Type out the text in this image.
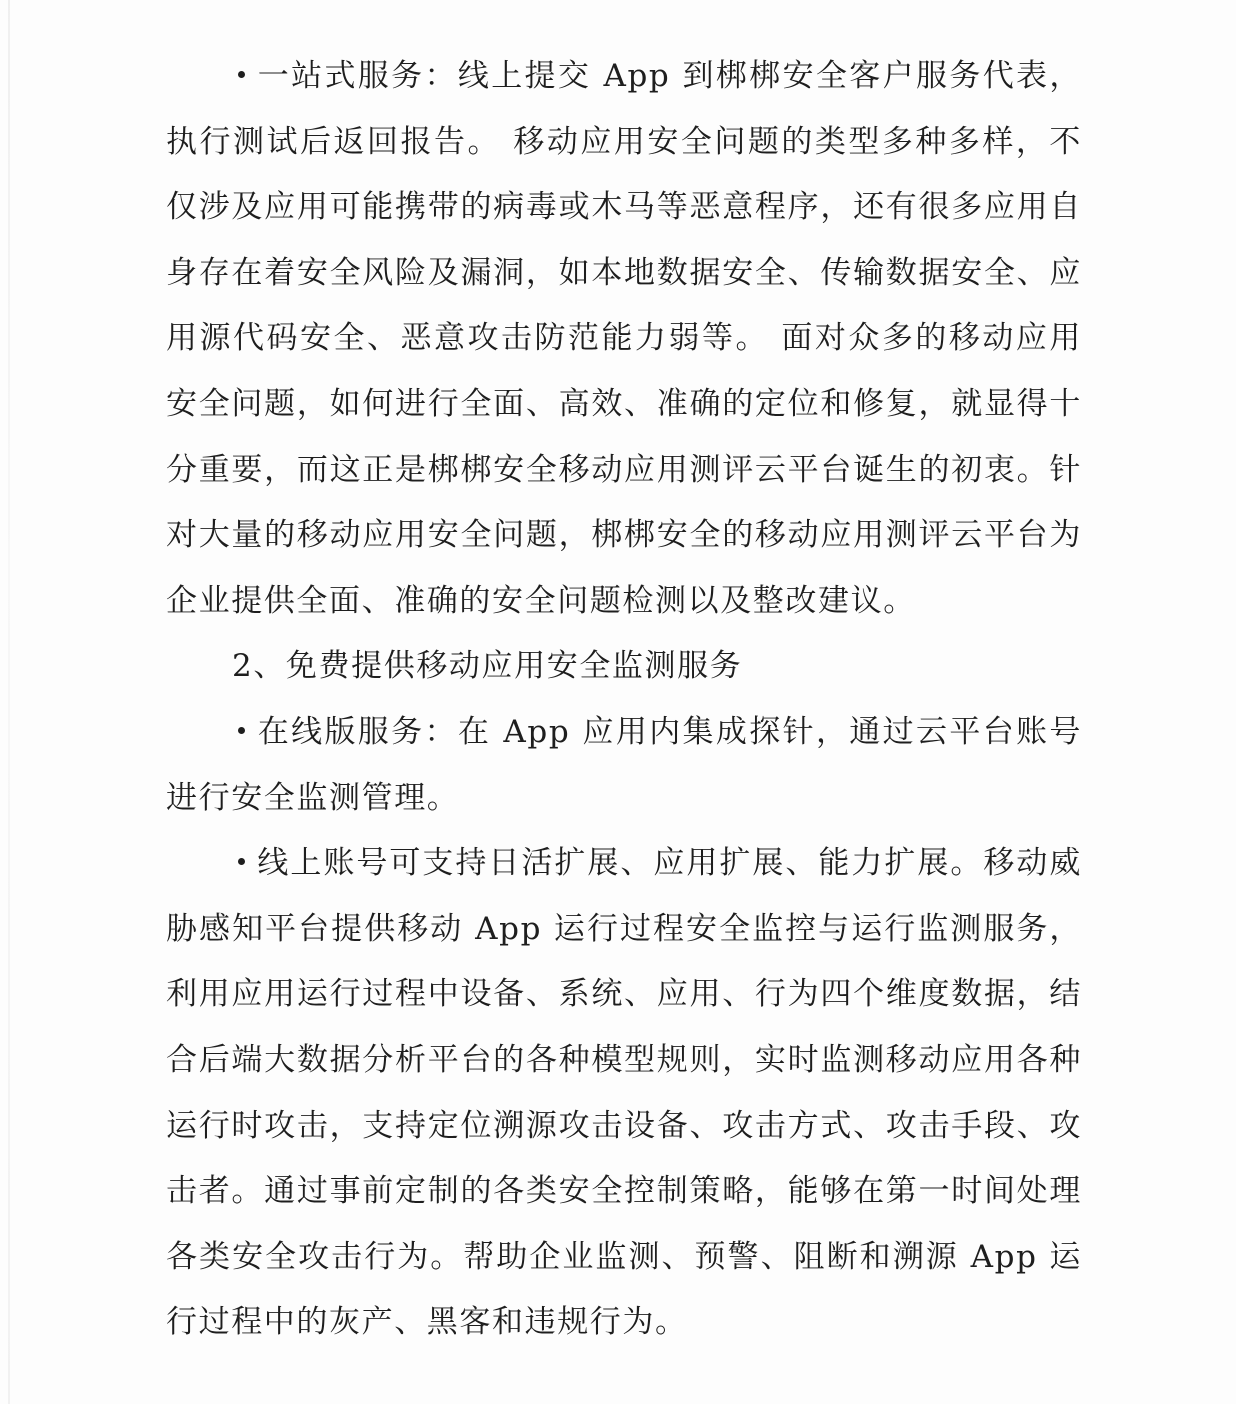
一站式服务：线上提交 App 到梆梆安全客户服务代表，执行测试后返回报告。 移动应用安全问题的类型多种多样，不仅涉及应用可能携带的病毒或木马等恶意程序，还有很多应用自身存在着安全风险及漏洞，如本地数据安全、传输数据安全、应用源代码安全、恶意攻击防范能力弱等。 面对众多的移动应用安全问题，如何进行全面、高效、准确的定位和修复，就显得十分重要，而这正是梆梆安全移动应用测评云平台诞生的初衷。针对大量的移动应用安全问题，梆梆安全的移动应用测评云平台为企业提供全面、准确的安全问题检测以及整改建议。

2、免费提供移动应用安全监测服务

在线版服务：在 App 应用内集成探针，通过云平台账号进行安全监测管理。

线上账号可支持日活扩展、应用扩展、能力扩展。移动威胁感知平台提供移动 App 运行过程安全监控与运行监测服务，利用应用运行过程中设备、系统、应用、行为四个维度数据，结合后端大数据分析平台的各种模型规则，实时监测移动应用各种运行时攻击，支持定位溯源攻击设备、攻击方式、攻击手段、攻击者。通过事前定制的各类安全控制策略，能够在第一时间处理各类安全攻击行为。帮助企业监测、预警、阻断和溯源 App 运行过程中的灰产、黑客和违规行为。
